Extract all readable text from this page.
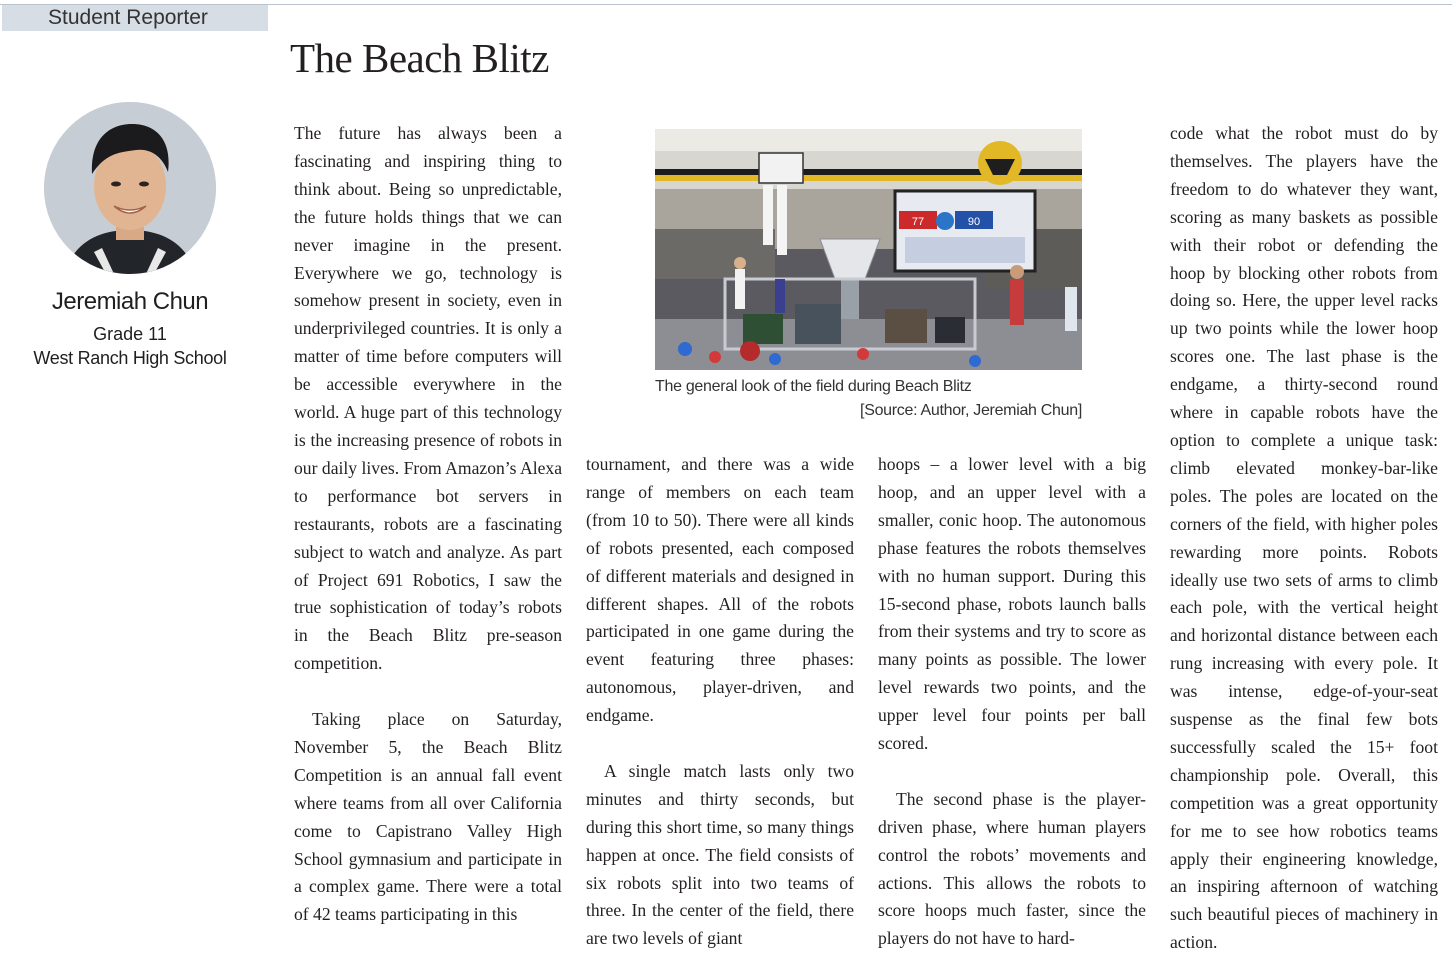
Student Reporter
The Beach Blitz
Jeremiah Chun
Grade 11
West Ranch High School

The future has always been a fascinating and inspiring thing to think about. Being so unpredictable, the future holds things that we can never imagine in the present. Everywhere we go, technology is somehow present in society, even in underprivileged countries. It is only a matter of time before computers will be accessible everywhere in the world. A huge part of this technology is the increasing presence of robots in our daily lives. From Amazon’s Alexa to performance bot servers in restaurants, robots are a fascinating subject to watch and analyze. As part of Project 691 Robotics, I saw the true sophistication of today’s robots in the Beach Blitz pre-season competition.

Taking place on Saturday, November 5, the Beach Blitz Competition is an annual fall event where teams from all over California come to Capistrano Valley High School gymnasium and participate in a complex game. There were a total of 42 teams participating in this

77	90
The general look of the field during Beach Blitz
[Source: Author, Jeremiah Chun]

tournament, and there was a wide range of members on each team (from 10 to 50). There were all kinds of robots presented, each composed of different materials and designed in different shapes. All of the robots participated in one game during the event featuring three phases: autonomous, player-driven, and endgame.

A single match lasts only two minutes and thirty seconds, but during this short time, so many things happen at once. The field consists of six robots split into two teams of three. In the center of the field, there are two levels of giant

hoops – a lower level with a big hoop, and an upper level with a smaller, conic hoop. The autonomous phase features the robots themselves with no human support. During this 15-second phase, robots launch balls from their systems and try to score as many points as possible. The lower level rewards two points, and the upper level four points per ball scored.

The second phase is the player-driven phase, where human players control the robots’ movements and actions. This allows the robots to score hoops much faster, since the players do not have to hard-

code what the robot must do by themselves. The players have the freedom to do whatever they want, scoring as many baskets as possible with their robot or defending the hoop by blocking other robots from doing so. Here, the upper level racks up two points while the lower hoop scores one. The last phase is the endgame, a thirty-second round where in capable robots have the option to complete a unique task: climb elevated monkey-bar-like poles. The poles are located on the corners of the field, with higher poles rewarding more points. Robots ideally use two sets of arms to climb each pole, with the vertical height and horizontal distance between each rung increasing with every pole. It was intense, edge-of-your-seat suspense as the final few bots successfully scaled the 15+ foot championship pole. Overall, this competition was a great opportunity for me to see how robotics teams apply their engineering knowledge, an inspiring afternoon of watching such beautiful pieces of machinery in action.
